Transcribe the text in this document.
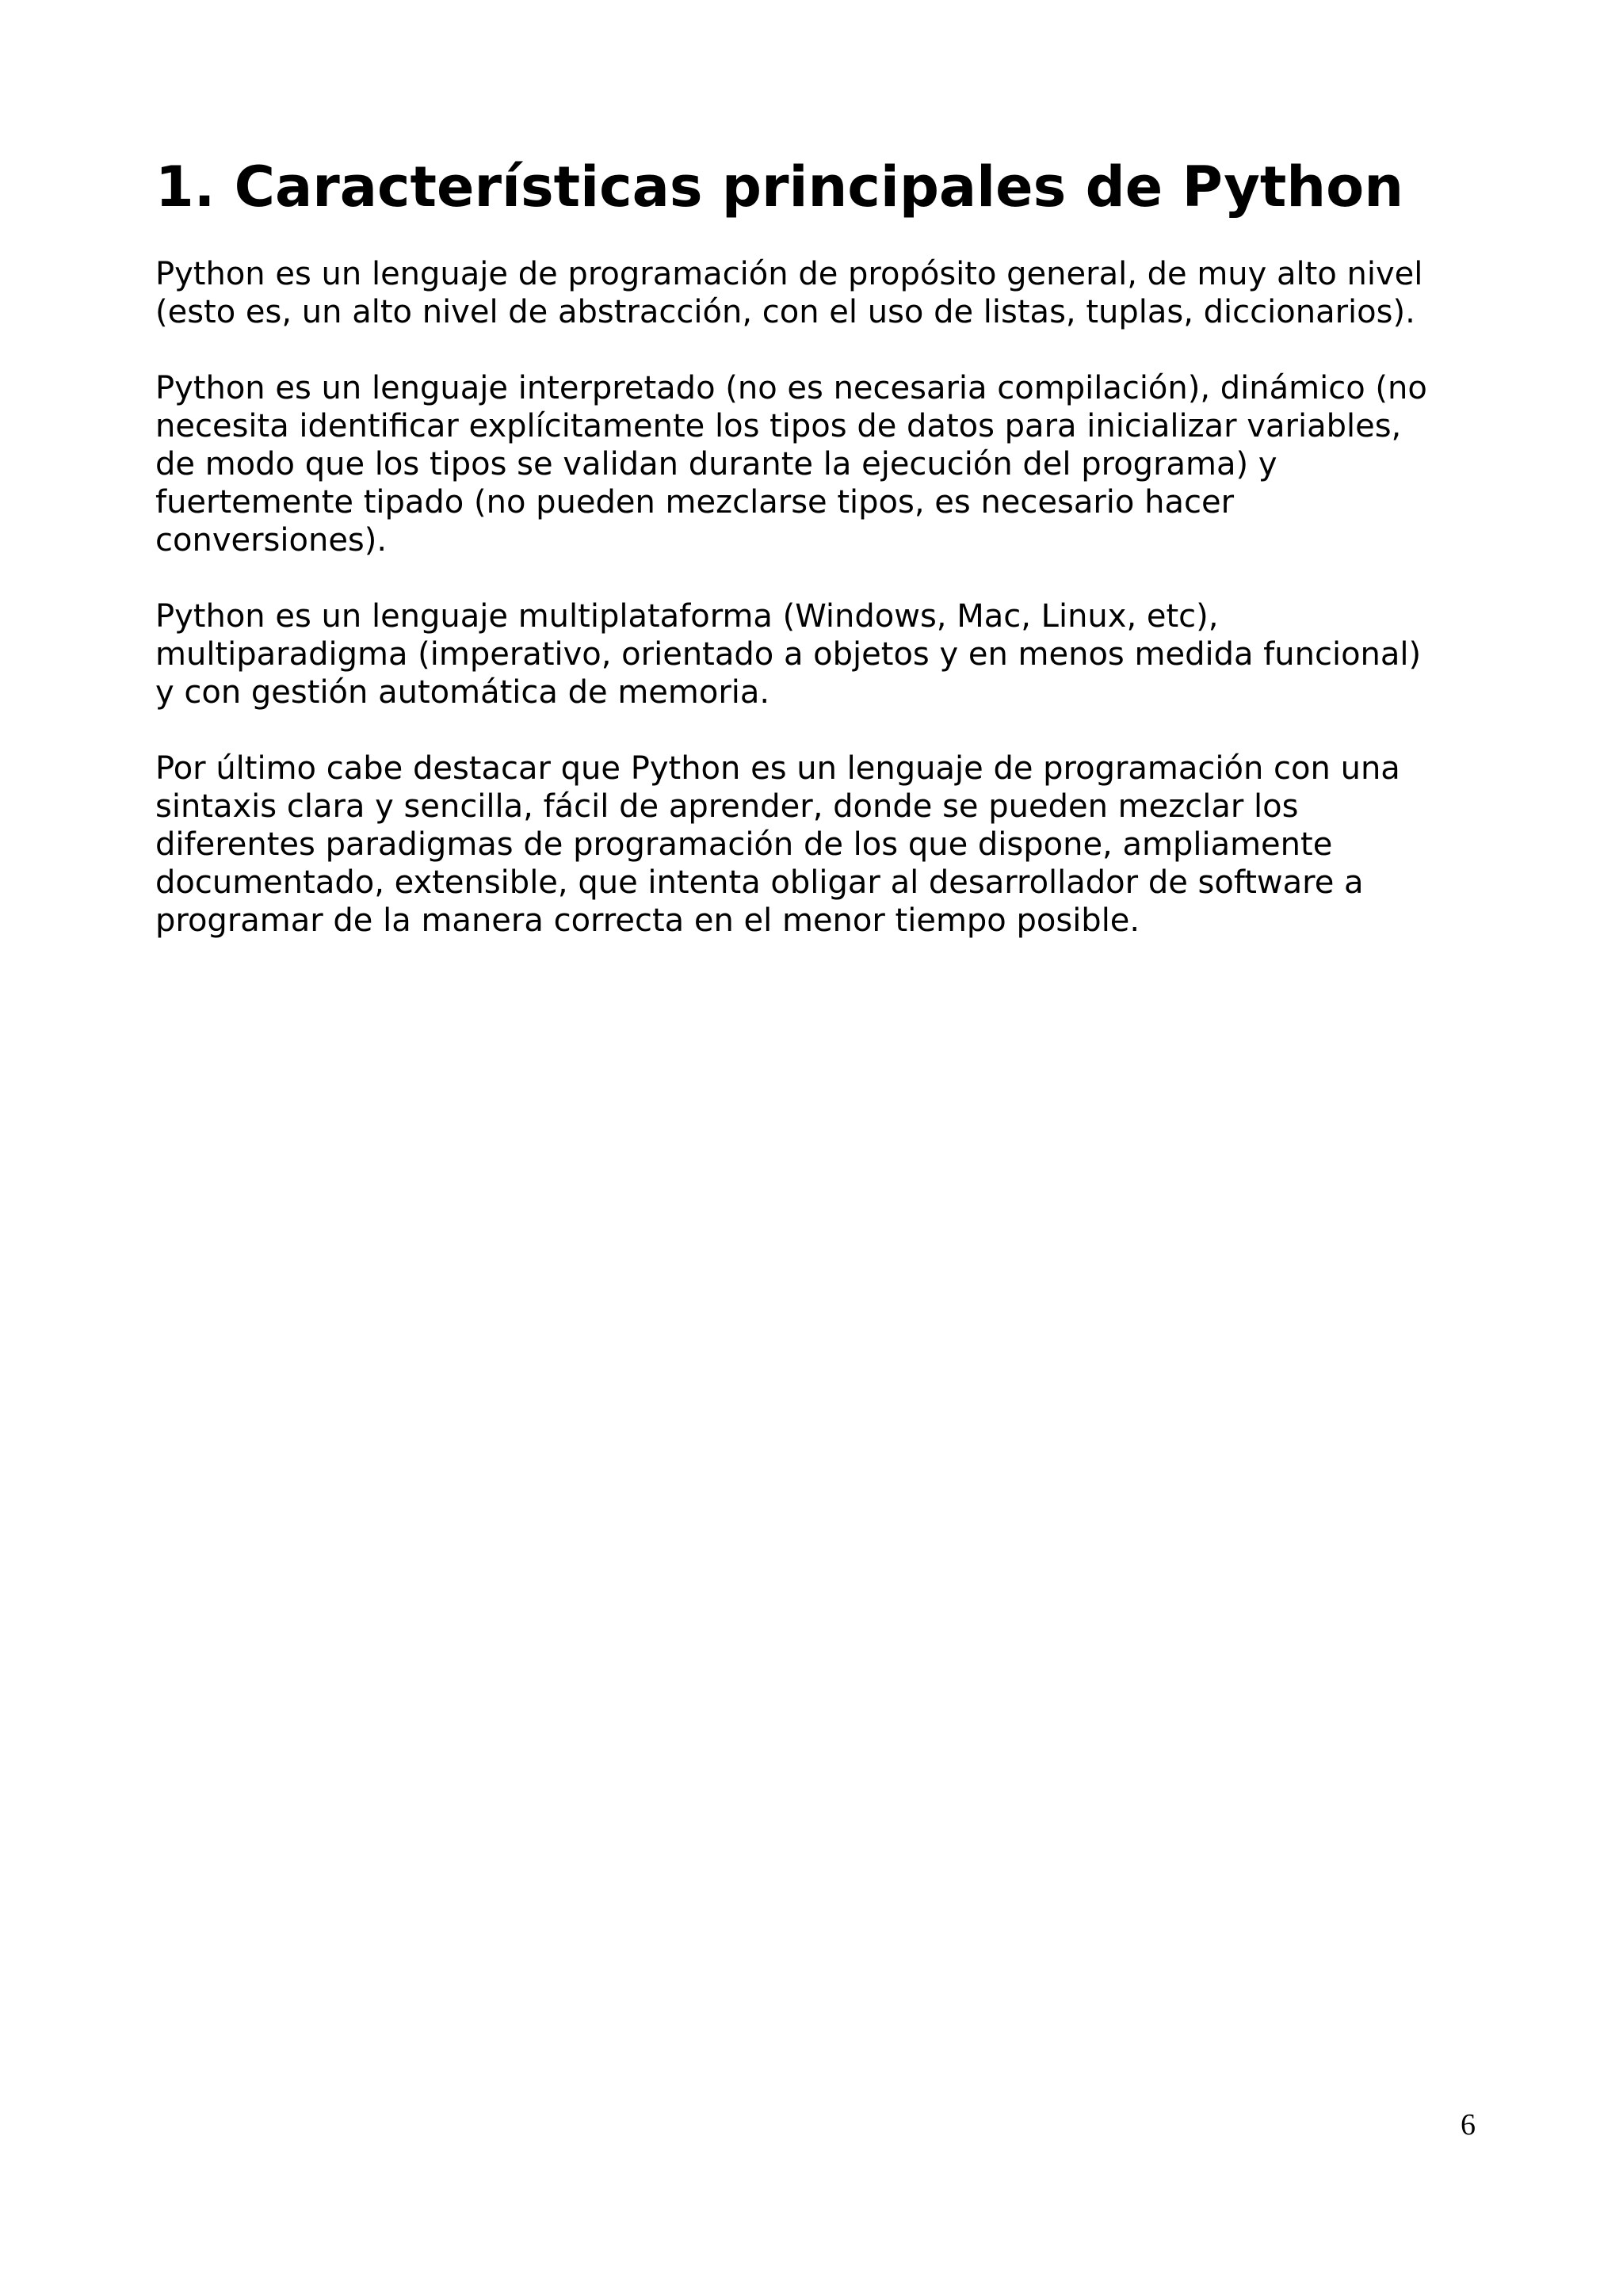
1. Características principales de Python

Python es un lenguaje de programación de propósito general, de muy alto nivel
(esto es, un alto nivel de abstracción, con el uso de listas, tuplas, diccionarios).

Python es un lenguaje interpretado (no es necesaria compilación), dinámico (no
necesita identificar explícitamente los tipos de datos para inicializar variables,
de modo que los tipos se validan durante la ejecución del programa) y
fuertemente tipado (no pueden mezclarse tipos, es necesario hacer
conversiones).

Python es un lenguaje multiplataforma (Windows, Mac, Linux, etc),
multiparadigma (imperativo, orientado a objetos y en menos medida funcional)
y con gestión automática de memoria.

Por último cabe destacar que Python es un lenguaje de programación con una
sintaxis clara y sencilla, fácil de aprender, donde se pueden mezclar los
diferentes paradigmas de programación de los que dispone, ampliamente
documentado, extensible, que intenta obligar al desarrollador de software a
programar de la manera correcta en el menor tiempo posible.

6
